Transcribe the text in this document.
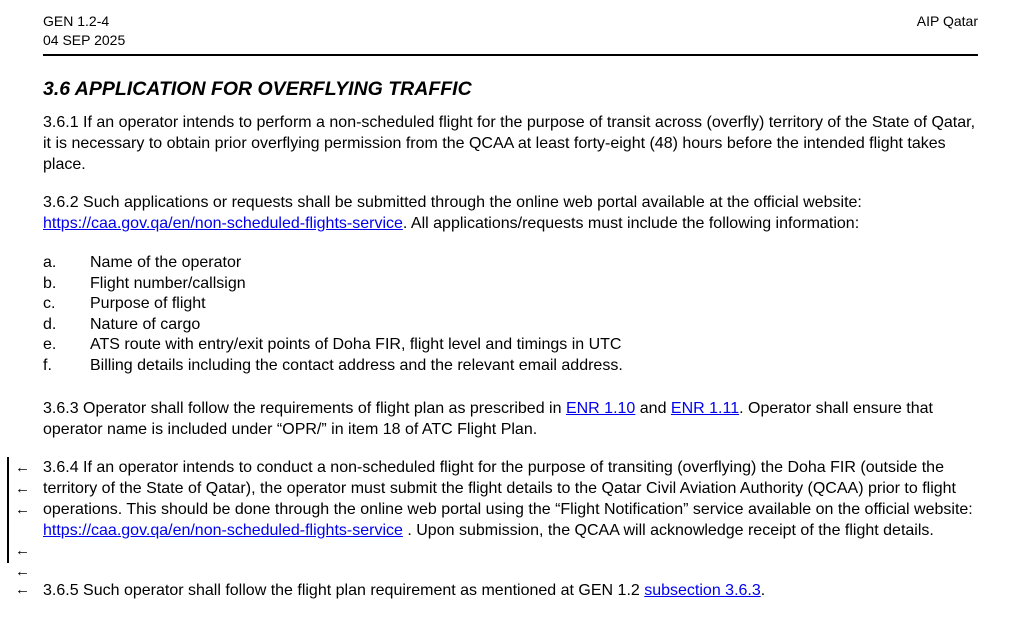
GEN 1.2-4
04 SEP 2025
AIP Qatar
3.6 APPLICATION FOR OVERFLYING TRAFFIC
3.6.1 If an operator intends to perform a non-scheduled flight for the purpose of transit across (overfly) territory of the State of Qatar, it is necessary to obtain prior overflying permission from the QCAA at least forty-eight (48) hours before the intended flight takes place.
3.6.2 Such applications or requests shall be submitted through the online web portal available at the official website: https://caa.gov.qa/en/non-scheduled-flights-service. All applications/requests must include the following information:
a.	Name of the operator
b.	Flight number/callsign
c.	Purpose of flight
d.	Nature of cargo
e.	ATS route with entry/exit points of Doha FIR, flight level and timings in UTC
f.	Billing details including the contact address and the relevant email address.
3.6.3 Operator shall follow the requirements of flight plan as prescribed in ENR 1.10 and ENR 1.11. Operator shall ensure that operator name is included under “OPR/” in item 18 of ATC Flight Plan.
←
←
←
←
←
←
3.6.4 If an operator intends to conduct a non-scheduled flight for the purpose of transiting (overflying) the Doha FIR (outside the territory of the State of Qatar), the operator must submit the flight details to the Qatar Civil Aviation Authority (QCAA) prior to flight operations. This should be done through the online web portal using the “Flight Notification” service available on the official website: https://caa.gov.qa/en/non-scheduled-flights-service . Upon submission, the QCAA will acknowledge receipt of the flight details.
3.6.5 Such operator shall follow the flight plan requirement as mentioned at GEN 1.2 subsection 3.6.3.
